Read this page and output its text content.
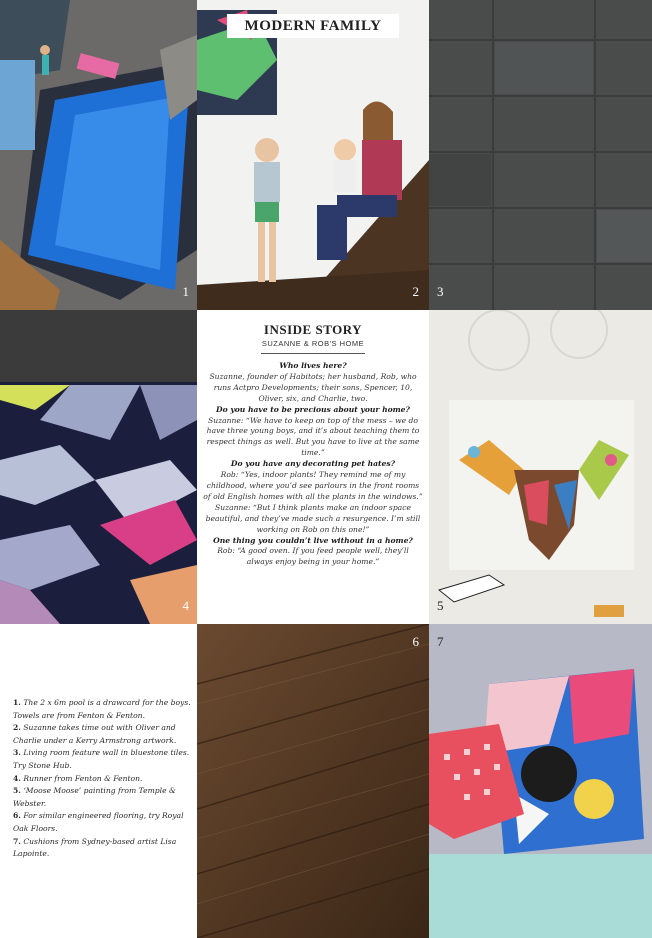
1
MODERN FAMILY
2 3
4
INSIDE STORY
SUZANNE & ROB'S HOME
Who lives here?
Suzanne, founder of Habitots; her husband, Rob, who runs Actpro Developments; their sons, Spencer, 10, Oliver, six, and Charlie, two.
Do you have to be precious about your home?
Suzanne: “We have to keep on top of the mess – we do have three young boys, and it’s about teaching them to respect things as well. But you have to live at the same time.”
Do you have any decorating pet hates?
Rob: “Yes, indoor plants! They remind me of my childhood, where you’d see parlours in the front rooms of old English homes with all the plants in the windows.”
Suzanne: “But I think plants make an indoor space beautiful, and they’ve made such a resurgence. I’m still working on Rob on this one!”
One thing you couldn’t live without in a home?
Rob: “A good oven. If you feed people well, they’ll always enjoy being in your home.”
5
1. The 2 x 6m pool is a drawcard for the boys. Towels are from Fenton & Fenton.
2. Suzanne takes time out with Oliver and Charlie under a Kerry Armstrong artwork.
3. Living room feature wall in bluestone tiles. Try Stone Hub.
4. Runner from Fenton & Fenton.
5. ‘Moose Moose’ painting from Temple & Webster.
6. For similar engineered flooring, try Royal Oak Floors.
7. Cushions from Sydney-based artist Lisa Lapointe.
6 7
